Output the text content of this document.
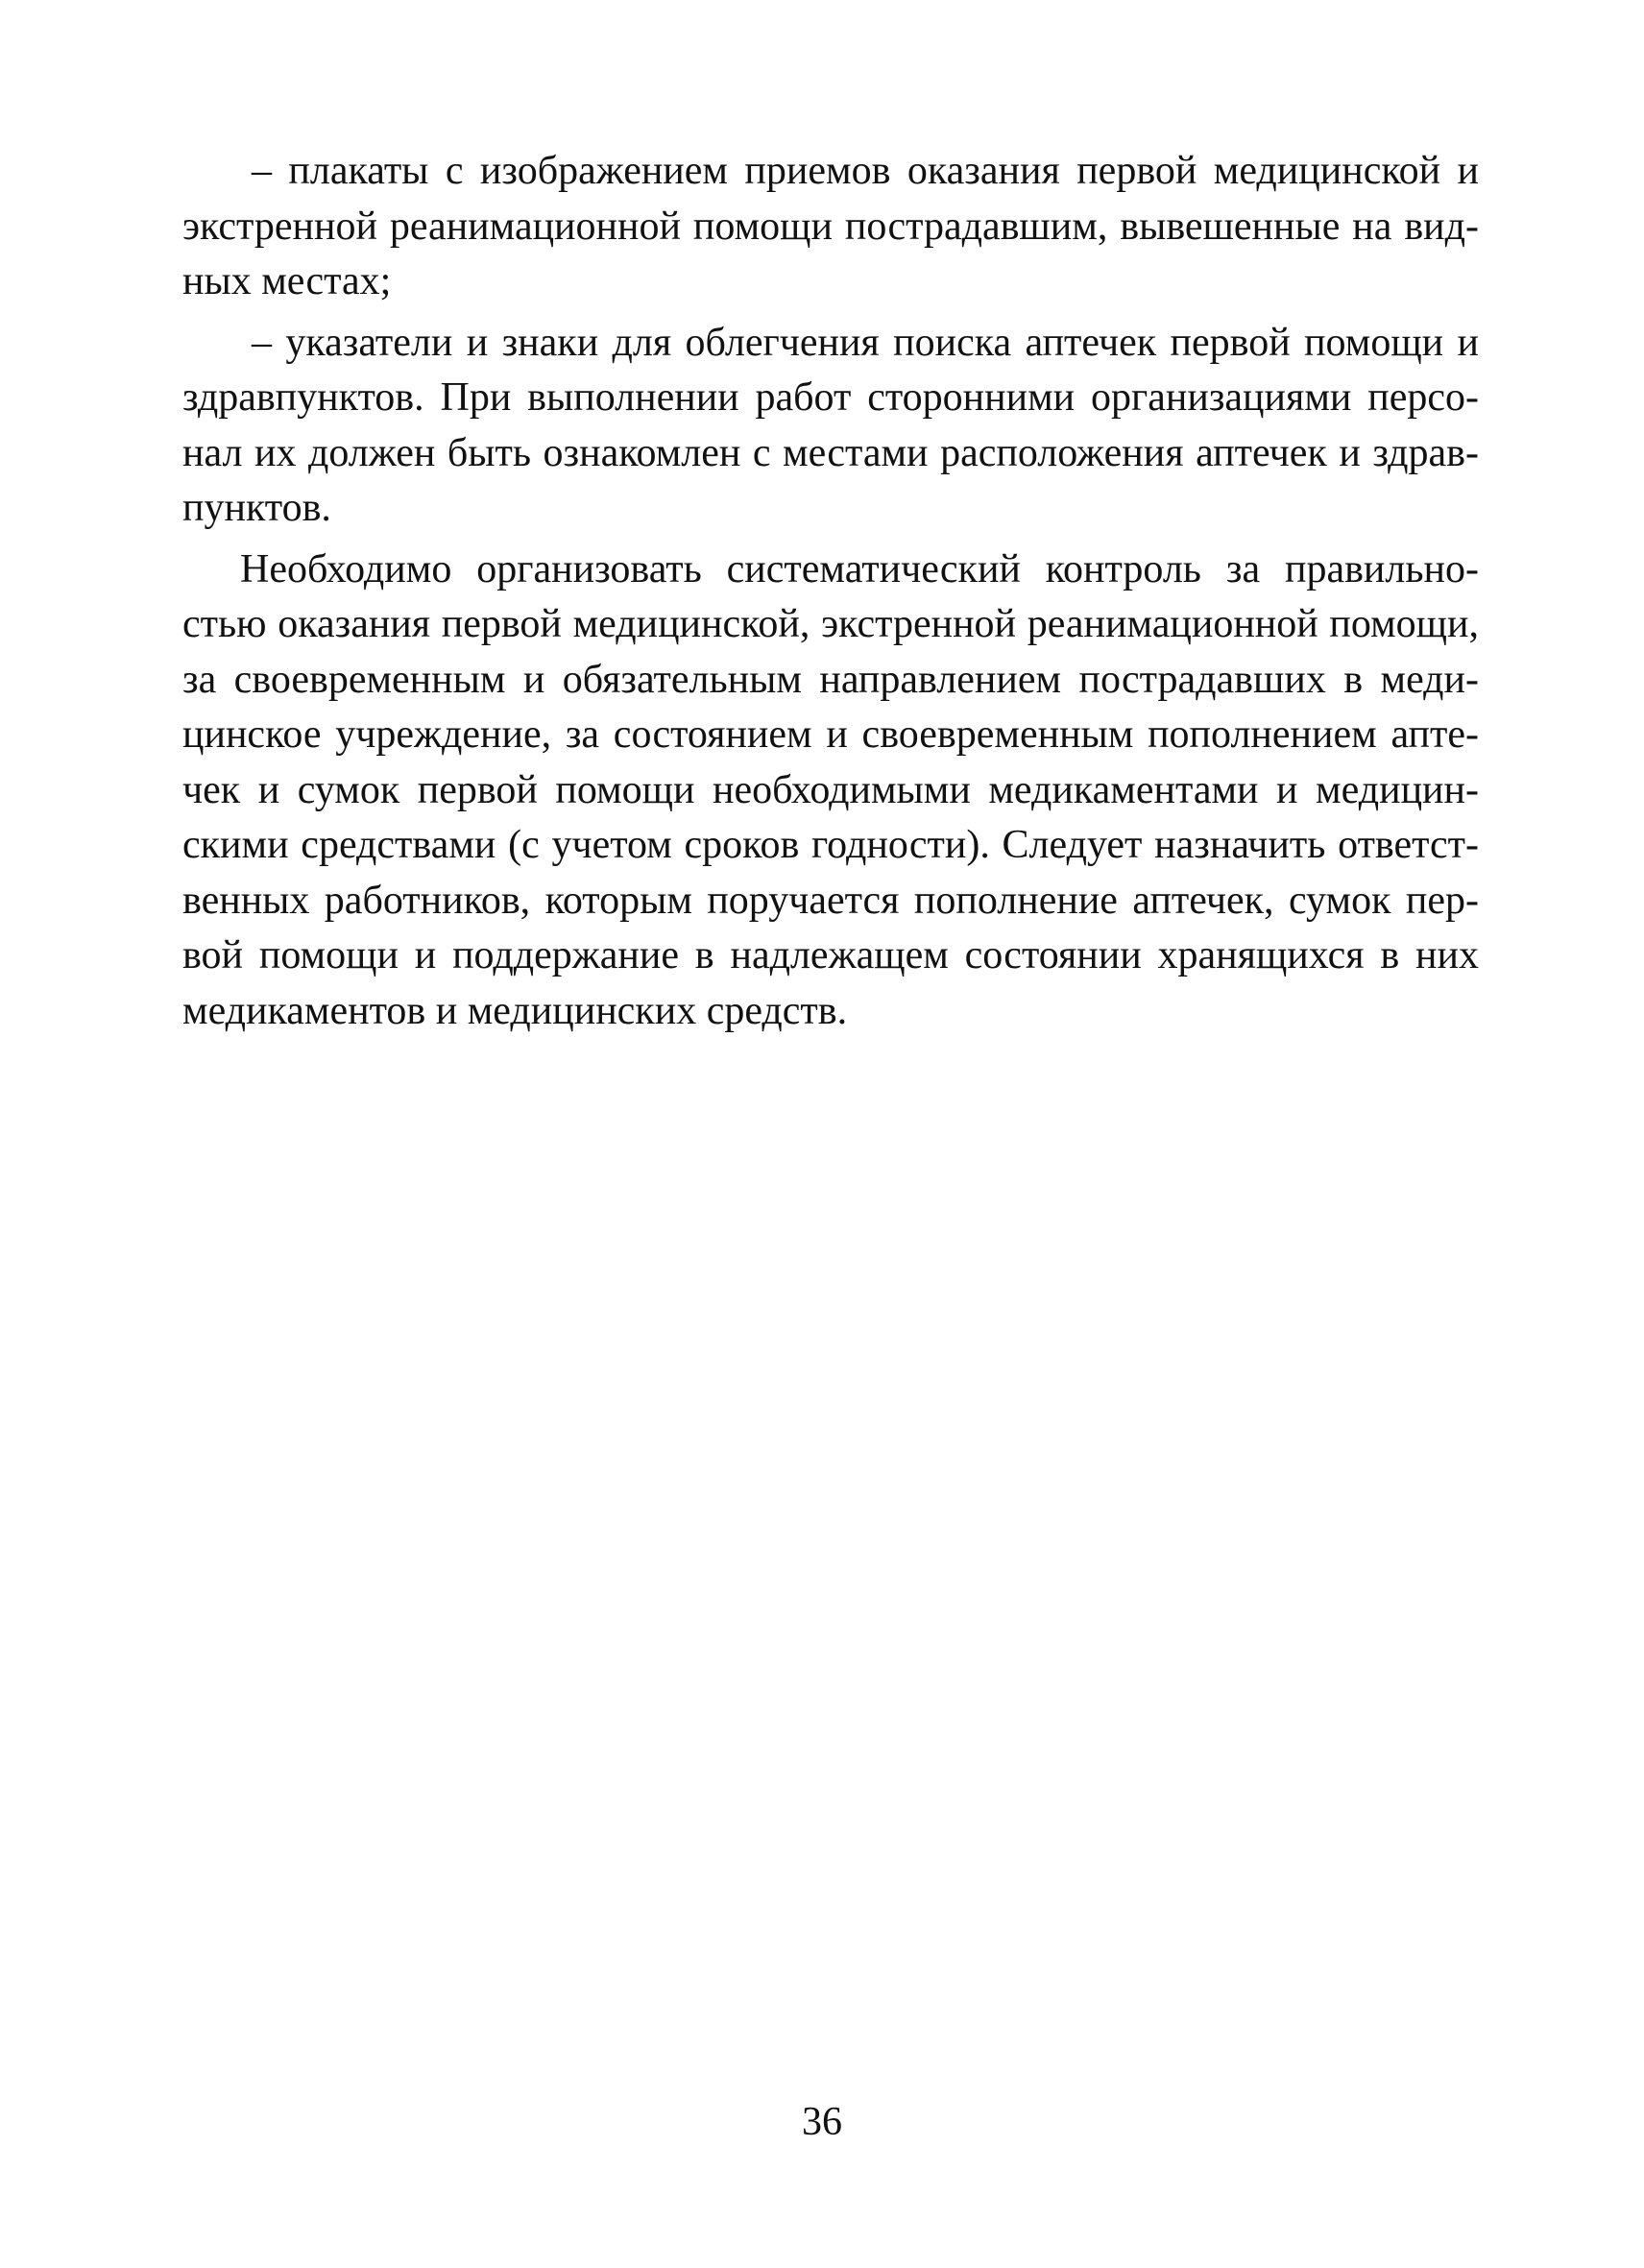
– плакаты с изображением приемов оказания первой медицинской и
экстренной реанимационной помощи пострадавшим, вывешенные на вид-
ных местах;

– указатели и знаки для облегчения поиска аптечек первой помощи и
здравпунктов. При выполнении работ сторонними организациями персо-
нал их должен быть ознакомлен с местами расположения аптечек и здрав-
пунктов.

Необходимо организовать систематический контроль за правильно-
стью оказания первой медицинской, экстренной реанимационной помощи,
за своевременным и обязательным направлением пострадавших в меди-
цинское учреждение, за состоянием и своевременным пополнением апте-
чек и сумок первой помощи необходимыми медикаментами и медицин-
скими средствами (с учетом сроков годности). Следует назначить ответст-
венных работников, которым поручается пополнение аптечек, сумок пер-
вой помощи и поддержание в надлежащем состоянии хранящихся в них
медикаментов и медицинских средств.

36
